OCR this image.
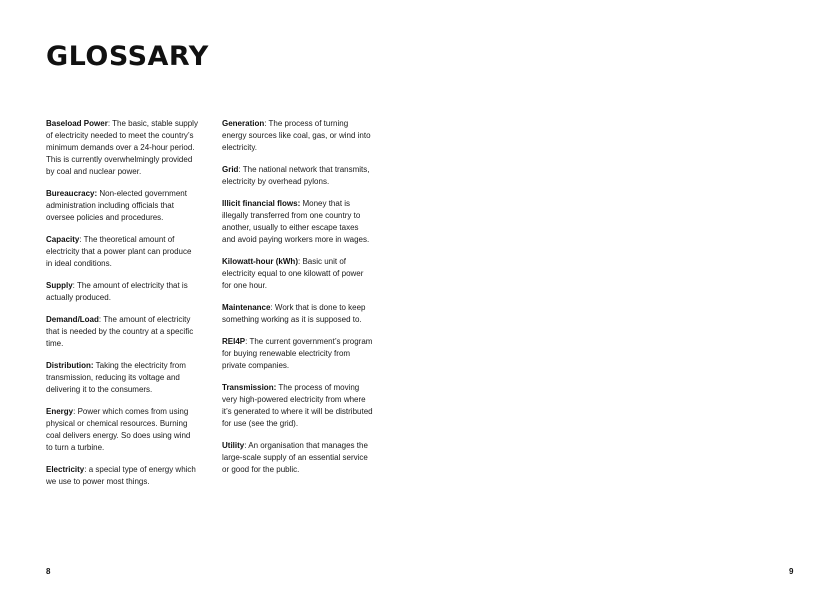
GLOSSARY

Baseload Power: The basic, stable supply of electricity needed to meet the country’s minimum demands over a 24-hour period. This is currently overwhelmingly provided by coal and nuclear power.

Bureaucracy: Non-elected government administration including officials that oversee policies and procedures.

Capacity: The theoretical amount of electricity that a power plant can produce in ideal conditions.

Supply: The amount of electricity that is actually produced.

Demand/Load: The amount of electricity that is needed by the country at a specific time.

Distribution: Taking the electricity from transmission, reducing its voltage and delivering it to the consumers.

Energy: Power which comes from using physical or chemical resources. Burning coal delivers energy. So does using wind to turn a turbine.

Electricity: a special type of energy which we use to power most things.

Generation: The process of turning energy sources like coal, gas, or wind into electricity.

Grid: The national network that transmits, electricity by overhead pylons.

Illicit financial flows: Money that is illegally transferred from one country to another, usually to either escape taxes and avoid paying workers more in wages.

Kilowatt-hour (kWh): Basic unit of electricity equal to one kilowatt of power for one hour.

Maintenance: Work that is done to keep something working as it is supposed to.

REI4P: The current government’s program for buying renewable electricity from private companies.

Transmission: The process of moving very high-powered electricity from where it’s generated to where it will be distributed for use (see the grid).

Utility: An organisation that manages the large-scale supply of an essential service or good for the public.

8	9
